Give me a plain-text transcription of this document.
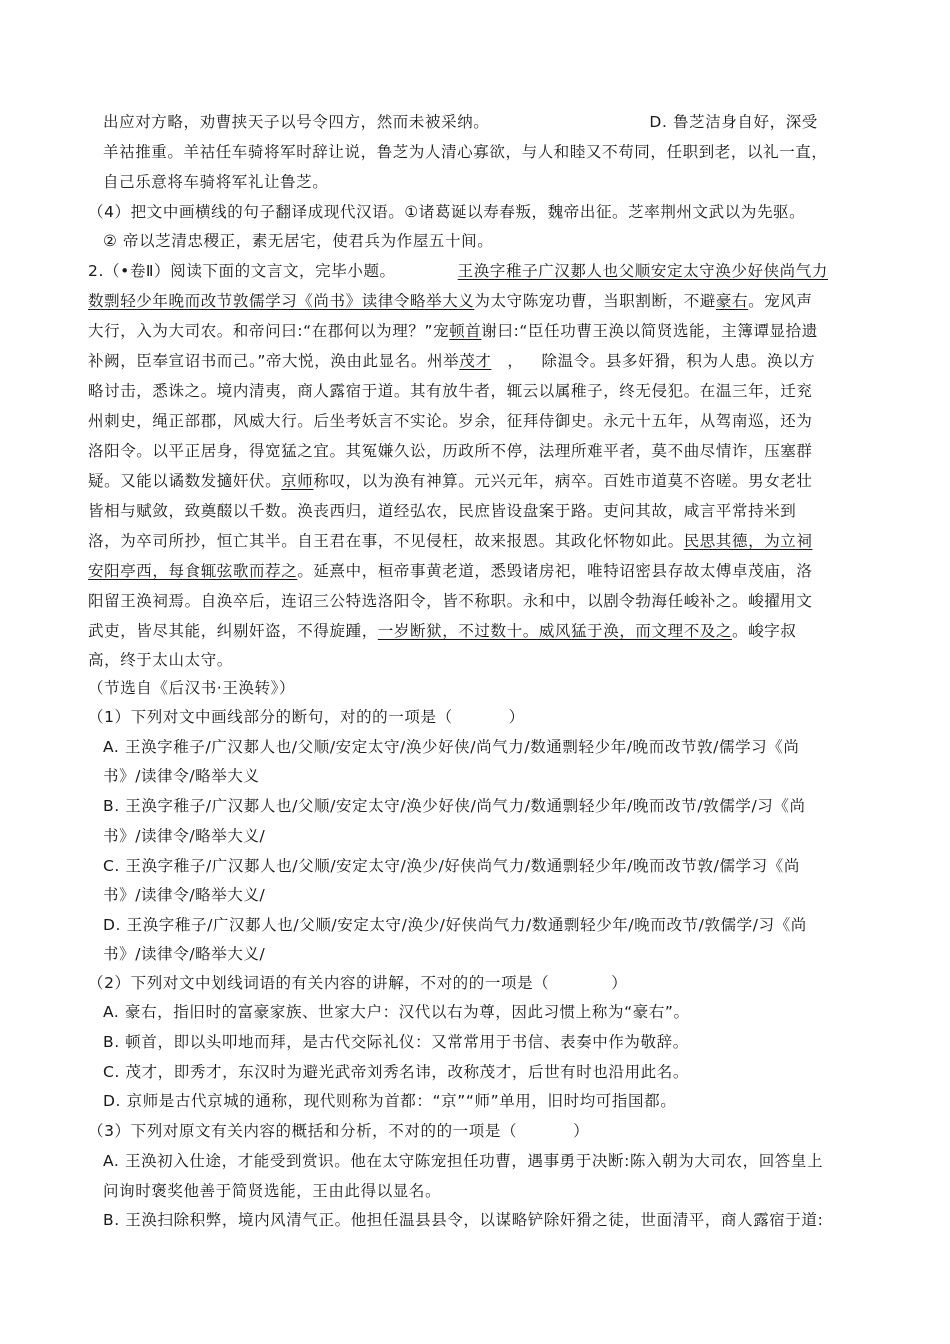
出应对方略，劝曹挟天子以号令四方，然而未被采纳。	D. 鲁芝洁身自好，深受
羊祜推重。羊祜任车骑将军时辞让说，鲁芝为人清心寡欲，与人和睦又不苟同，任职到老，以礼一直，
自己乐意将车骑将军礼让鲁芝。
（4）把文中画横线的句子翻译成现代汉语。①诸葛诞以寿春叛，魏帝出征。芝率荆州文武以为先驱。
② 帝以芝清忠稷正，素无居宅，使君兵为作屋五十间。
2.（•卷Ⅱ）阅读下面的文言文，完毕小题。	王涣字稚子广汉郪人也父顺安定太守涣少好侠尚气力
数剽轻少年晚而改节敦儒学习《尚书》读律令略举大义为太守陈宠功曹，当职割断，不避豪右。宠风声
大行，入为大司农。和帝问曰:“在郡何以为理？”宠顿首谢曰:“臣任功曹王涣以简贤选能，主簿谭显拾遗
补阙，臣奉宣诏书而己。”帝大悦，涣由此显名。州举茂才 ， 除温令。县多奸猾，积为人患。涣以方
略讨击，悉诛之。境内清夷，商人露宿于道。其有放牛者，辄云以属稚子，终无侵犯。在温三年，迁兖
州刺史，绳正部郡，风威大行。后坐考妖言不实论。岁余，征拜侍御史。永元十五年，从驾南巡，还为
洛阳令。以平正居身，得宽猛之宜。其冤嫌久讼，历政所不停，法理所难平者，莫不曲尽情诈，压塞群
疑。又能以谲数发擿奸伏。京师称叹，以为涣有神算。元兴元年，病卒。百姓市道莫不咨嗟。男女老壮
皆相与赋敛，致奠醊以千数。涣丧西归，道经弘农，民庶皆设盘案于路。吏问其故，咸言平常持米到
洛，为卒司所抄，恒亡其半。自王君在事，不见侵枉，故来报恩。其政化怀物如此。民思其德，为立祠
安阳亭西，每食辄弦歌而荐之。延熹中，桓帝事黄老道，悉毁诸房祀，唯特诏密县存故太傅卓茂庙，洛
阳留王涣祠焉。自涣卒后，连诏三公特选洛阳令，皆不称职。永和中，以剧令勃海任峻补之。峻擢用文
武吏，皆尽其能，纠剔奸盗，不得旋踵，一岁断狱，不过数十。威风猛于涣，而文理不及之。峻字叔
高，终于太山太守。
（节选自《后汉书·王涣转》）
（1）下列对文中画线部分的断句，对的的一项是（	）
A. 王涣字稚子/广汉郪人也/父顺/安定太守/涣少好侠/尚气力/数通剽轻少年/晚而改节敦/儒学习《尚
书》/读律令/略举大义
B. 王涣字稚子/广汉郪人也/父顺/安定太守/涣少好侠/尚气力/数通剽轻少年/晚而改节/敦儒学/习《尚
书》/读律令/略举大义/
C. 王涣字稚子/广汉郪人也/父顺/安定太守/涣少/好侠尚气力/数通剽轻少年/晚而改节敦/儒学习《尚
书》/读律令/略举大义/
D. 王涣字稚子/广汉郪人也/父顺/安定太守/涣少/好侠尚气力/数通剽轻少年/晚而改节/敦儒学/习《尚
书》/读律令/略举大义/
（2）下列对文中划线词语的有关内容的讲解，不对的的一项是（	）
A. 豪右，指旧时的富豪家族、世家大户：汉代以右为尊，因此习惯上称为“豪右”。
B. 顿首，即以头叩地而拜，是古代交际礼仪：又常常用于书信、表奏中作为敬辞。
C. 茂才，即秀才，东汉时为避光武帝刘秀名讳，改称茂才，后世有时也沿用此名。
D. 京师是古代京城的通称，现代则称为首都：“京”“师”单用，旧时均可指国都。
（3）下列对原文有关内容的概括和分析，不对的的一项是（	）
A. 王涣初入仕途，才能受到赏识。他在太守陈宠担任功曹，遇事勇于决断:陈入朝为大司农，回答皇上
问询时褒奖他善于简贤选能，王由此得以显名。
B. 王涣扫除积弊，境内风清气正。他担任温县县令，以谋略铲除奸猾之徒，世面清平，商人露宿于道:
